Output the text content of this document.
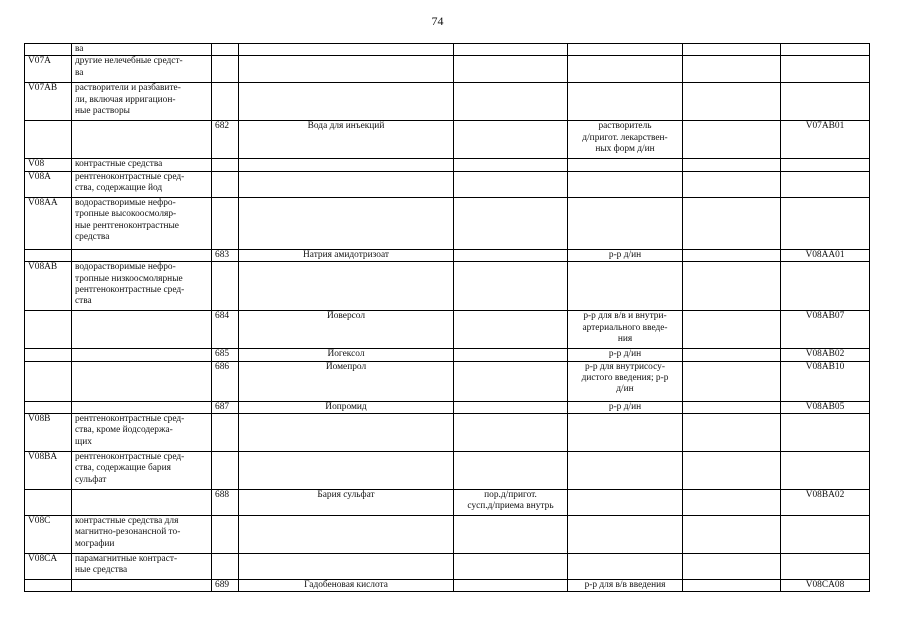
74
	ва						
V07A	другие нелечебные средст-
ва						
V07AB	растворители и разбавите-
ли, включая ирригацион-
ные растворы						
		682	Вода для инъекций		растворитель
д/пригот. лекарствен-
ных форм д/ин		V07AB01
V08	контрастные средства						
V08A	рентгеноконтрастные сред-
ства, содержащие йод						
V08AA	водорастворимые нефро-
тропные высокоосмоляр-
ные рентгеноконтрастные
средства						
		683	Натрия амидотризоат		р-р д/ин		V08AA01
V08AB	водорастворимые нефро-
тропные низкоосмолярные
рентгеноконтрастные сред-
ства						
		684	Йоверсол		р-р для в/в и внутри-
артериального введе-
ния		V08AB07
		685	Йогексол		р-р д/ин		V08AB02
		686	Йомепрол		р-р для внутрисосу-
дистого введения; р-р
д/ин		V08AB10
		687	Йопромид		р-р д/ин		V08AB05
V08B	рентгеноконтрастные сред-
ства, кроме йодсодержа-
щих						
V08BA	рентгеноконтрастные сред-
ства, содержащие бария
сульфат						
		688	Бария сульфат	пор.д/пригот.
сусп.д/приема внутрь			V08BA02
V08C	контрастные средства для
магнитно-резонансной то-
мографии						
V08CA	парамагнитные контраст-
ные средства						
		689	Гадобеновая кислота		р-р для в/в введения		V08CA08
